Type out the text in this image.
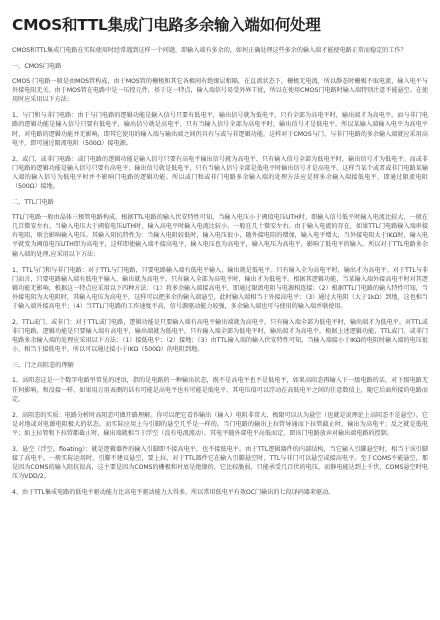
CMOS和TTL集成门电路多余输入端如何处理

CMOS和TTL集成门电路在实际使用时经常遇到这样一个问题，即输入端有多余的，如何正确处理这些多余的输入端才能使电路正常而稳定的工作？

一、CMOS门电路

CMOS 门电路一般是由MOS管构成，由于MOS管的栅极和其它各极间有绝缘层相隔，在直流状态下，栅极无电流，所以静态时栅极不取电流，输入电平与外接电阻无关。由于MOS管在电路中是一压控元件，基于这一特点，输入端信号易受外界干扰，所以在使用CMOS门电路时输入端特别注意不能悬空。在使用时应采用以下方法：

1、与门和与非门电路：由于与门电路的逻辑功能是输入信号只要有低电平，输出信号就为低电平，只有全部为高电平时，输出端才为高电平。而与非门电路的逻辑功能是输入信号只要有低电平，输出信号就是高电平，只有当输入信号全部为高电平时，输出信号才是低电平。所以某输入端输入电平为高电平时，对电路的逻辑功能并无影响，即其它使用的输入端与输出端之间仍具有与或与非逻辑功能。这样对于CMOS与门、与非门电路的多余输入端就应采用高电平，即可通过限流电阻（500Ω）接电源。

2、或门、或非门电路：或门电路的逻辑功能是输入信号只要有高电平输出信号就为高电平，只有输入信号全部为低电平时，输出信号才为低电平。而或非门电路的逻辑功能是输入信号只要有高电平，输出信号就是低电平，只有当输入信号全部是低电平时输出信号才是高电平。这样当某个或者或非门电路某输入端的输入信号为低电平时并不影响门电路的逻辑功能。所以或门和或非门电路多余输入端的处理方法应是将多余输入端接低电平，即通过限流电阻（500Ω）接地。

二、TTL门电路

TTL门电路一般由晶体三极管电路构成。根据TTL电路的输入伏安特性可知，当输入电压小于阈值电压UTH时，即输入信号低平时输入电流比较大，一般在几百微安左右。当输入电压大于阈值电压UTH时，输入高电平时输入电流比较小，一般在几十微安左右。由于输入电流的存在，如果TTL门电路输入端串接有电阻，则会影响输入电压。其输入阻抗特性为：当输入电阻较低时，输入电压很小，随外接电阻的增加，输入电平增大，当外接电阻大于IKΩ时，输入电平就变为阈值电压UTH即为高电平，这样即使输入端不接高电平，输入电压也为高电平，输入电压为高电平，影响了低电平的输入。所以对于TTL电路多余输入端的处理,应采用以下方法：

1、TTL与门和与非门电路：对于TTL与门电路，只要电路输入端有低电平输入，输出就是低电平。只有输入全为高电平时，输出才为高电平。对于TTL与非门而言，只要电路输入端有低电平输入，输出就为高电平，只有输入全部为高电平时，输出才为低电平。根据其逻辑功能，当某输入端外接高电平时对其逻辑功能无影响，根据这一特点应采用以下四种方法：（1）将多余输入端接高电平，即通过限流电阻与电源相连接；（2）根据TTL门电路的输入特性可知，当外接电阻为大电阻时，其输入电压为高电平，这样可以把多余的输入端悬空，此时输入端相当于外接高电平；（3）通过大电阻（大于1kΩ）到地，这也相当于输入端外接高电平；（4）当TTL门电路的工作速度不高，信号源驱动能力较强，多余输入端也可与使用的输入端并联使用。

2、TTL或门、或非门：对于TTL或门电路，逻辑功能是只要输入端有高电平输出端就为高电平，只有输入端全部为低电平时，输出端才为低电平。对TTL或非门电路，逻辑功能是只要输入端有高电平，输出端就为低电平，只有输入端全部为低电平时，输出端才为高电平。根据上述逻辑功能，TTL或门、或非门电路多余输入端的处理应采用以下方法：（1）接低电平；（2）接地；（3）由TTL输入端的输入伏安特性可知，当输入端接小于IKΩ的电阻时输入端的电压很小，相当于接低电平，所以可以通过接小于IKΩ（500Ω）的电阻到地。

三、门之高阻态的理解

1、高阻态这是一个数字电路里常见的述语，指的是电路的一种输出状态，既不是高电平也不是低电平，如果高阻态再输入下一级电路的话，对下级电路无任何影响，和没接一样，如果用万用表测的话有可能是高电平也有可能是低电平，其电压值可以浮动在高低电平之间的任意数值上，随它后面所接的电路而定。

2、高阻态的实质：电路分析时高阻态可做开路理解。你可以把它看作输出（输入）电阻非常大，极限可以认为悬空（也就是说理论上高阻态不是悬空）。它是对地或对电源电阻极大的状态。而实际应用上与引脚的悬空几乎是一样的。当门电路的输出上拉管导通而下拉管截止时，输出为高电平；反之就是低电平；如上拉管和下拉管都截止时，输出端就相当于浮空（没有电流流动），其电平随外部电平高低而定，即该门电路放弃对输出端电路的控制。

3、悬空（浮空，floating）：就是逻辑器件的输入引脚即不接高电平，也不接低电平。由于TTL逻辑器件的内部结构，当它输入引脚悬空时，相当于该引脚接了高电平。一般实际运用时，引脚不建议悬空，要上拉。对于TTL器件它在输入引脚悬空时，TTL与非门可以悬空或接高电平。至于COMS不能悬空，那是因为COMS的输入阻抗很高，这主要是因为COMS的栅极和衬底是绝缘的，它比较脆弱，只能承受几百伏的电压，而静电能达到上千伏，COMS悬空时电压为VDD/2。

4、由于TTL集成电路的低电平驱动能力比高电平驱动能力大得多，所以常用低电平有效OC门输出的七段译码器来驱动。
